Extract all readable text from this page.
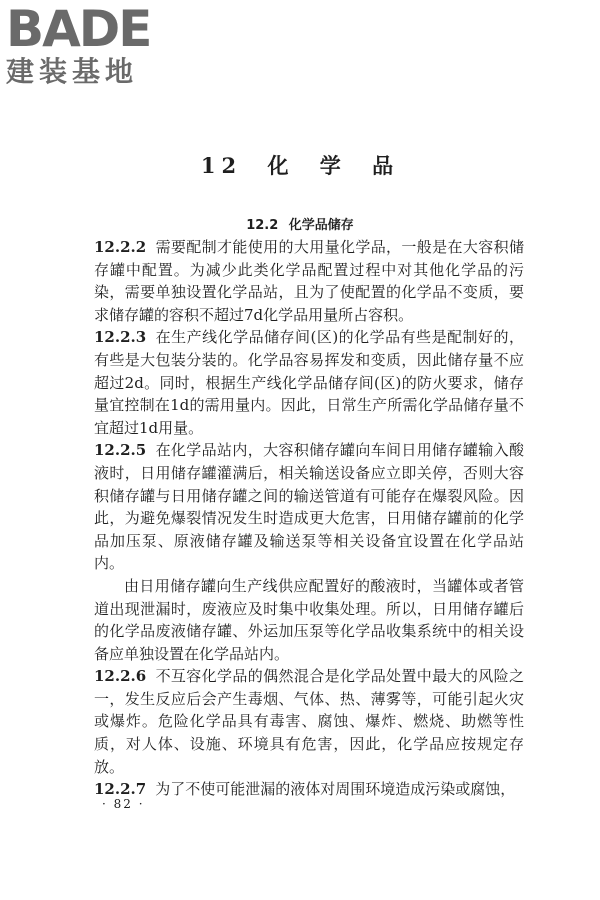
BADE
建装基地
12 化 学 品
12.2 化学品储存

12.2.2 需要配制才能使用的大用量化学品，一般是在大容积储存罐中配置。为减少此类化学品配置过程中对其他化学品的污染，需要单独设置化学品站，且为了使配置的化学品不变质，要求储存罐的容积不超过7d化学品用量所占容积。

12.2.3 在生产线化学品储存间(区)的化学品有些是配制好的，有些是大包装分装的。化学品容易挥发和变质，因此储存量不应超过2d。同时，根据生产线化学品储存间(区)的防火要求，储存量宜控制在1d的需用量内。因此，日常生产所需化学品储存量不宜超过1d用量。

12.2.5 在化学品站内，大容积储存罐向车间日用储存罐输入酸液时，日用储存罐灌满后，相关输送设备应立即关停，否则大容积储存罐与日用储存罐之间的输送管道有可能存在爆裂风险。因此，为避免爆裂情况发生时造成更大危害，日用储存罐前的化学品加压泵、原液储存罐及输送泵等相关设备宜设置在化学品站内。

由日用储存罐向生产线供应配置好的酸液时，当罐体或者管道出现泄漏时，废液应及时集中收集处理。所以，日用储存罐后的化学品废液储存罐、外运加压泵等化学品收集系统中的相关设备应单独设置在化学品站内。

12.2.6 不互容化学品的偶然混合是化学品处置中最大的风险之一，发生反应后会产生毒烟、气体、热、薄雾等，可能引起火灾或爆炸。危险化学品具有毒害、腐蚀、爆炸、燃烧、助燃等性质，对人体、设施、环境具有危害，因此，化学品应按规定存放。

12.2.7 为了不使可能泄漏的液体对周围环境造成污染或腐蚀，

· 82 ·
